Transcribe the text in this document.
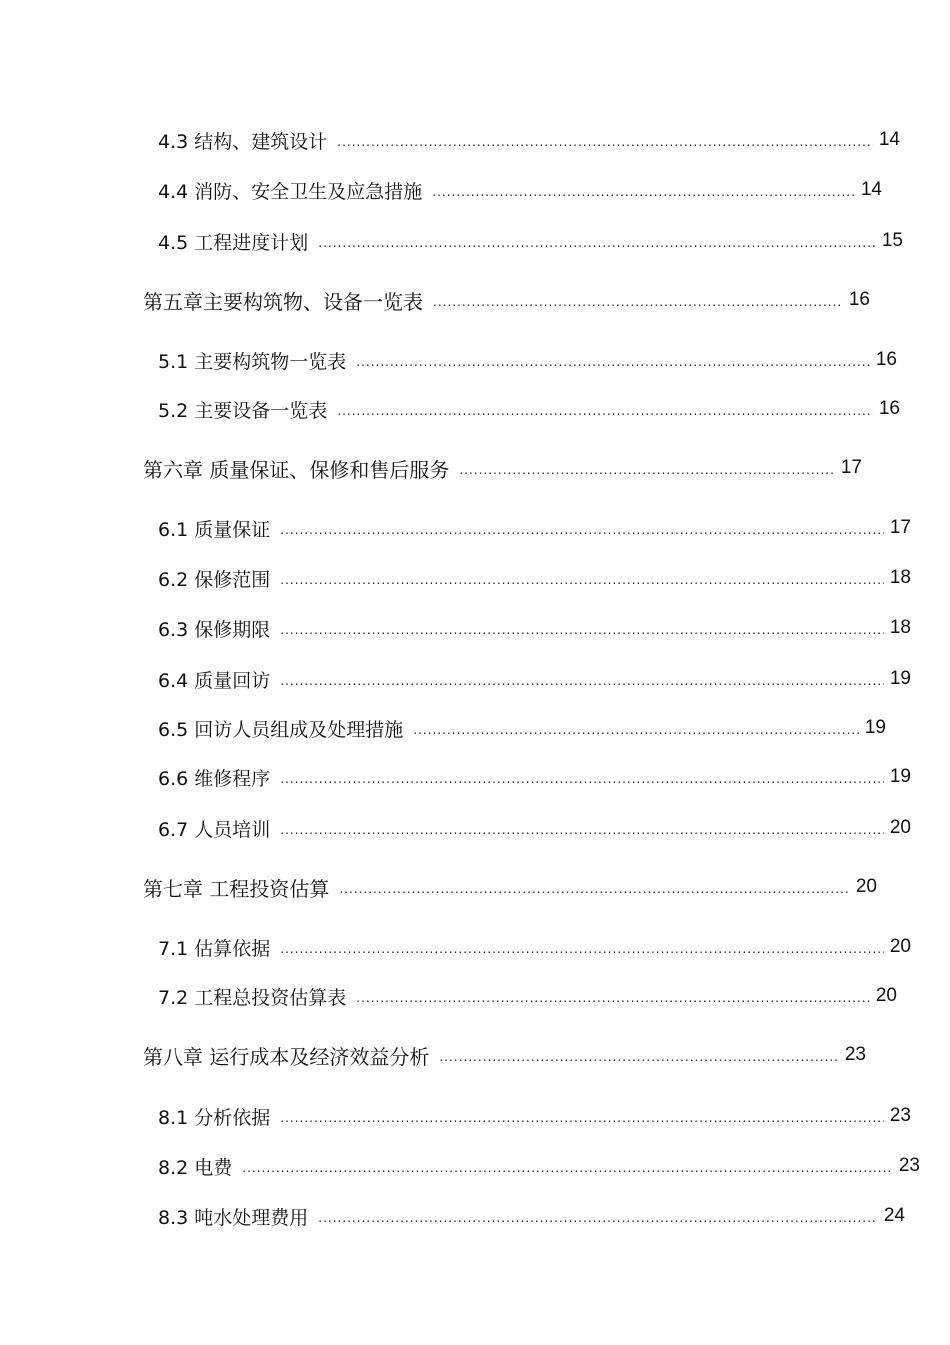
4.3 结构、建筑设计 .....	14
4.4 消防、安全卫生及应急措施 .....	14
4.5 工程进度计划 .....	15
第五章主要构筑物、设备一览表 .....	16
5.1 主要构筑物一览表 .....	16
5.2 主要设备一览表 .....	16
第六章 质量保证、保修和售后服务 .....	17
6.1 质量保证 .....	17
6.2 保修范围 .....	18
6.3 保修期限 .....	18
6.4 质量回访 .....	19
6.5 回访人员组成及处理措施 .....	19
6.6 维修程序 .....	19
6.7 人员培训 .....	20
第七章 工程投资估算 .....	20
7.1 估算依据 .....	20
7.2 工程总投资估算表 .....	20
第八章 运行成本及经济效益分析 .....	23
8.1 分析依据 .....	23
8.2 电费 .....	23
8.3 吨水处理费用 .....	24
